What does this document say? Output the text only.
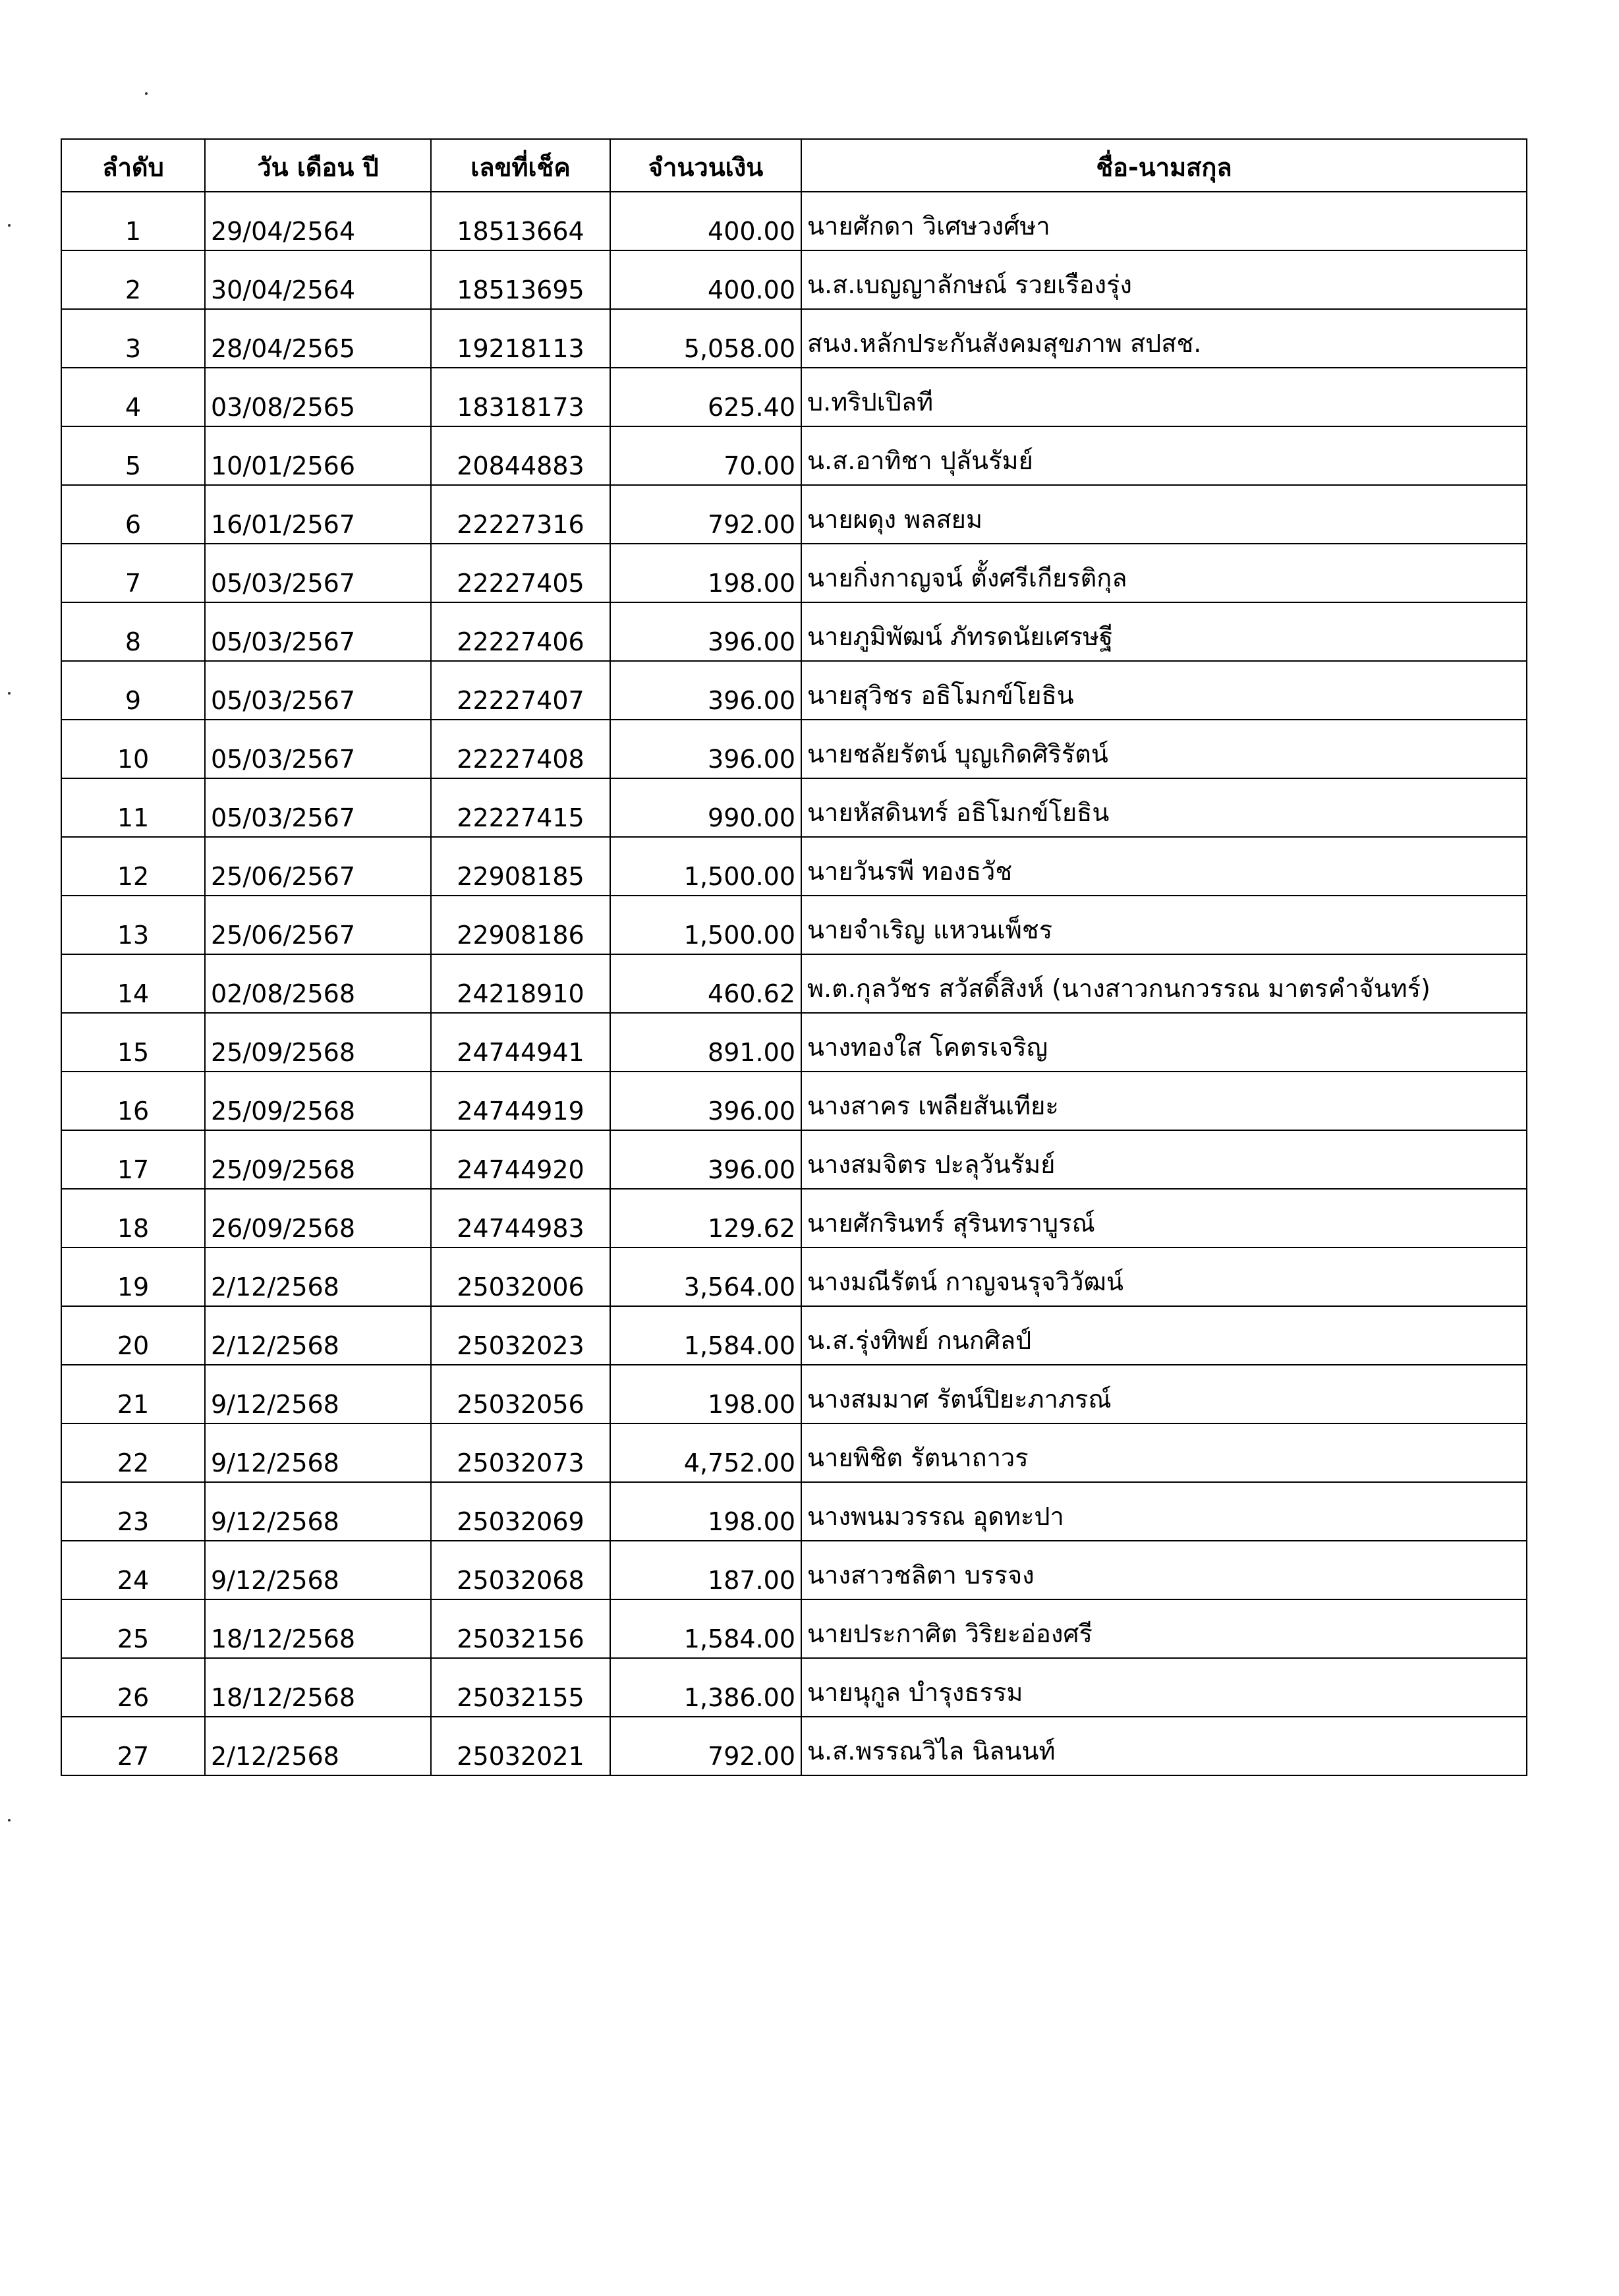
ลำดับ	วัน เดือน ปี	เลขที่เช็ค	จำนวนเงิน	ชื่อ-นามสกุล
1	29/04/2564	18513664	400.00	นายศักดา วิเศษวงศ์ษา
2	30/04/2564	18513695	400.00	น.ส.เบญญาลักษณ์ รวยเรืองรุ่ง
3	28/04/2565	19218113	5,058.00	สนง.หลักประกันสังคมสุขภาพ สปสช.
4	03/08/2565	18318173	625.40	บ.ทริปเปิลที
5	10/01/2566	20844883	70.00	น.ส.อาทิชา ปุลันรัมย์
6	16/01/2567	22227316	792.00	นายผดุง พลสยม
7	05/03/2567	22227405	198.00	นายกิ่งกาญจน์ ตั้งศรีเกียรติกุล
8	05/03/2567	22227406	396.00	นายภูมิพัฒน์ ภัทรดนัยเศรษฐี
9	05/03/2567	22227407	396.00	นายสุวิชร อธิโมกข์โยธิน
10	05/03/2567	22227408	396.00	นายชลัยรัตน์ บุญเกิดศิริรัตน์
11	05/03/2567	22227415	990.00	นายหัสดินทร์ อธิโมกข์โยธิน
12	25/06/2567	22908185	1,500.00	นายวันรพี ทองธวัช
13	25/06/2567	22908186	1,500.00	นายจำเริญ แหวนเพ็ชร
14	02/08/2568	24218910	460.62	พ.ต.กุลวัชร สวัสดิ์สิงห์ (นางสาวกนกวรรณ มาตรคำจันทร์)
15	25/09/2568	24744941	891.00	นางทองใส โคตรเจริญ
16	25/09/2568	24744919	396.00	นางสาคร เพลียสันเทียะ
17	25/09/2568	24744920	396.00	นางสมจิตร ปะลุวันรัมย์
18	26/09/2568	24744983	129.62	นายศักรินทร์ สุรินทราบูรณ์
19	2/12/2568	25032006	3,564.00	นางมณีรัตน์ กาญจนรุจวิวัฒน์
20	2/12/2568	25032023	1,584.00	น.ส.รุ่งทิพย์ กนกศิลป์
21	9/12/2568	25032056	198.00	นางสมมาศ รัตน์ปิยะภาภรณ์
22	9/12/2568	25032073	4,752.00	นายพิชิต รัตนาถาวร
23	9/12/2568	25032069	198.00	นางพนมวรรณ อุดทะปา
24	9/12/2568	25032068	187.00	นางสาวชลิตา บรรจง
25	18/12/2568	25032156	1,584.00	นายประกาศิต วิริยะอ่องศรี
26	18/12/2568	25032155	1,386.00	นายนุกูล บำรุงธรรม
27	2/12/2568	25032021	792.00	น.ส.พรรณวิไล นิลนนท์
